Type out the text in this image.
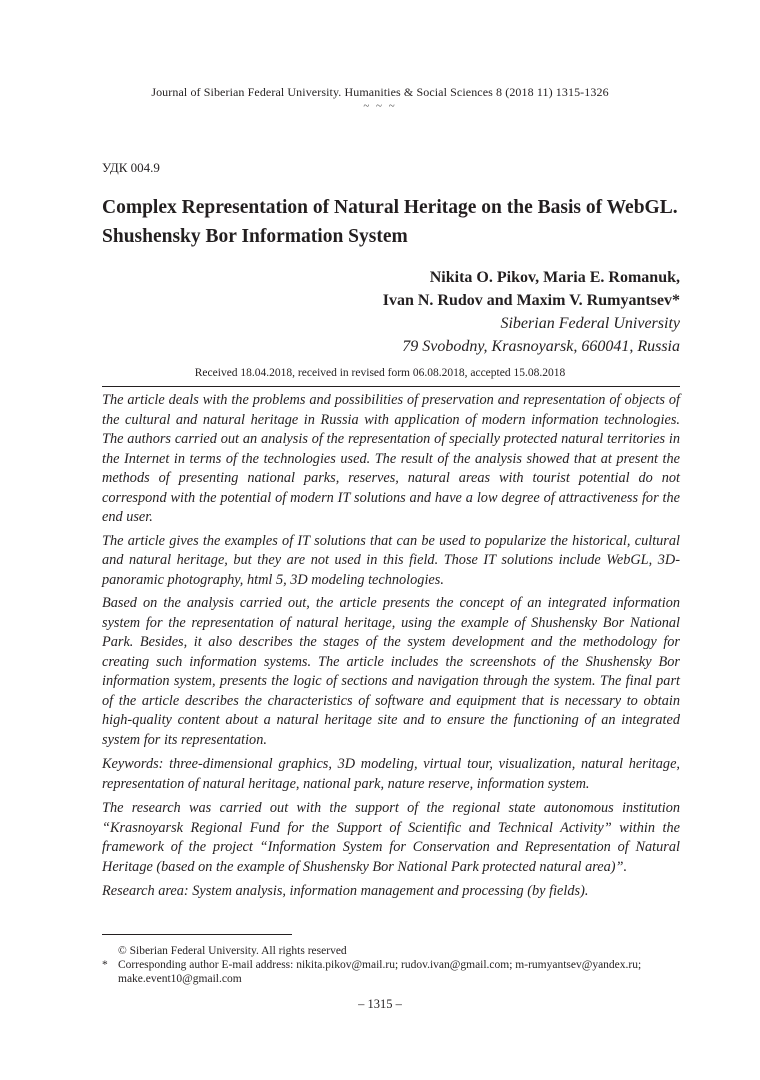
Journal of Siberian Federal University. Humanities & Social Sciences 8 (2018 11) 1315-1326
~ ~ ~
УДК 004.9
Complex Representation of Natural Heritage on the Basis of WebGL.
Shushensky Bor Information System
Nikita O. Pikov, Maria E. Romanuk,
Ivan N. Rudov and Maxim V. Rumyantsev*
Siberian Federal University
79 Svobodny, Krasnoyarsk, 660041, Russia
Received 18.04.2018, received in revised form 06.08.2018, accepted 15.08.2018

The article deals with the problems and possibilities of preservation and representation of objects of the cultural and natural heritage in Russia with application of modern information technologies. The authors carried out an analysis of the representation of specially protected natural territories in the Internet in terms of the technologies used. The result of the analysis showed that at present the methods of presenting national parks, reserves, natural areas with tourist potential do not correspond with the potential of modern IT solutions and have a low degree of attractiveness for the end user.

The article gives the examples of IT solutions that can be used to popularize the historical, cultural and natural heritage, but they are not used in this field. Those IT solutions include WebGL, 3D-panoramic photography, html 5, 3D modeling technologies.

Based on the analysis carried out, the article presents the concept of an integrated information system for the representation of natural heritage, using the example of Shushensky Bor National Park. Besides, it also describes the stages of the system development and the methodology for creating such information systems. The article includes the screenshots of the Shushensky Bor information system, presents the logic of sections and navigation through the system. The final part of the article describes the characteristics of software and equipment that is necessary to obtain high-quality content about a natural heritage site and to ensure the functioning of an integrated system for its representation.

Keywords: three-dimensional graphics, 3D modeling, virtual tour, visualization, natural heritage, representation of natural heritage, national park, nature reserve, information system.

The research was carried out with the support of the regional state autonomous institution “Krasnoyarsk Regional Fund for the Support of Scientific and Technical Activity” within the framework of the project “Information System for Conservation and Representation of Natural Heritage (based on the example of Shushensky Bor National Park protected natural area)”.

Research area: System analysis, information management and processing (by fields).

© Siberian Federal University. All rights reserved
* Corresponding author E-mail address: nikita.pikov@mail.ru; rudov.ivan@gmail.com; m-rumyantsev@yandex.ru; make.event10@gmail.com
– 1315 –
